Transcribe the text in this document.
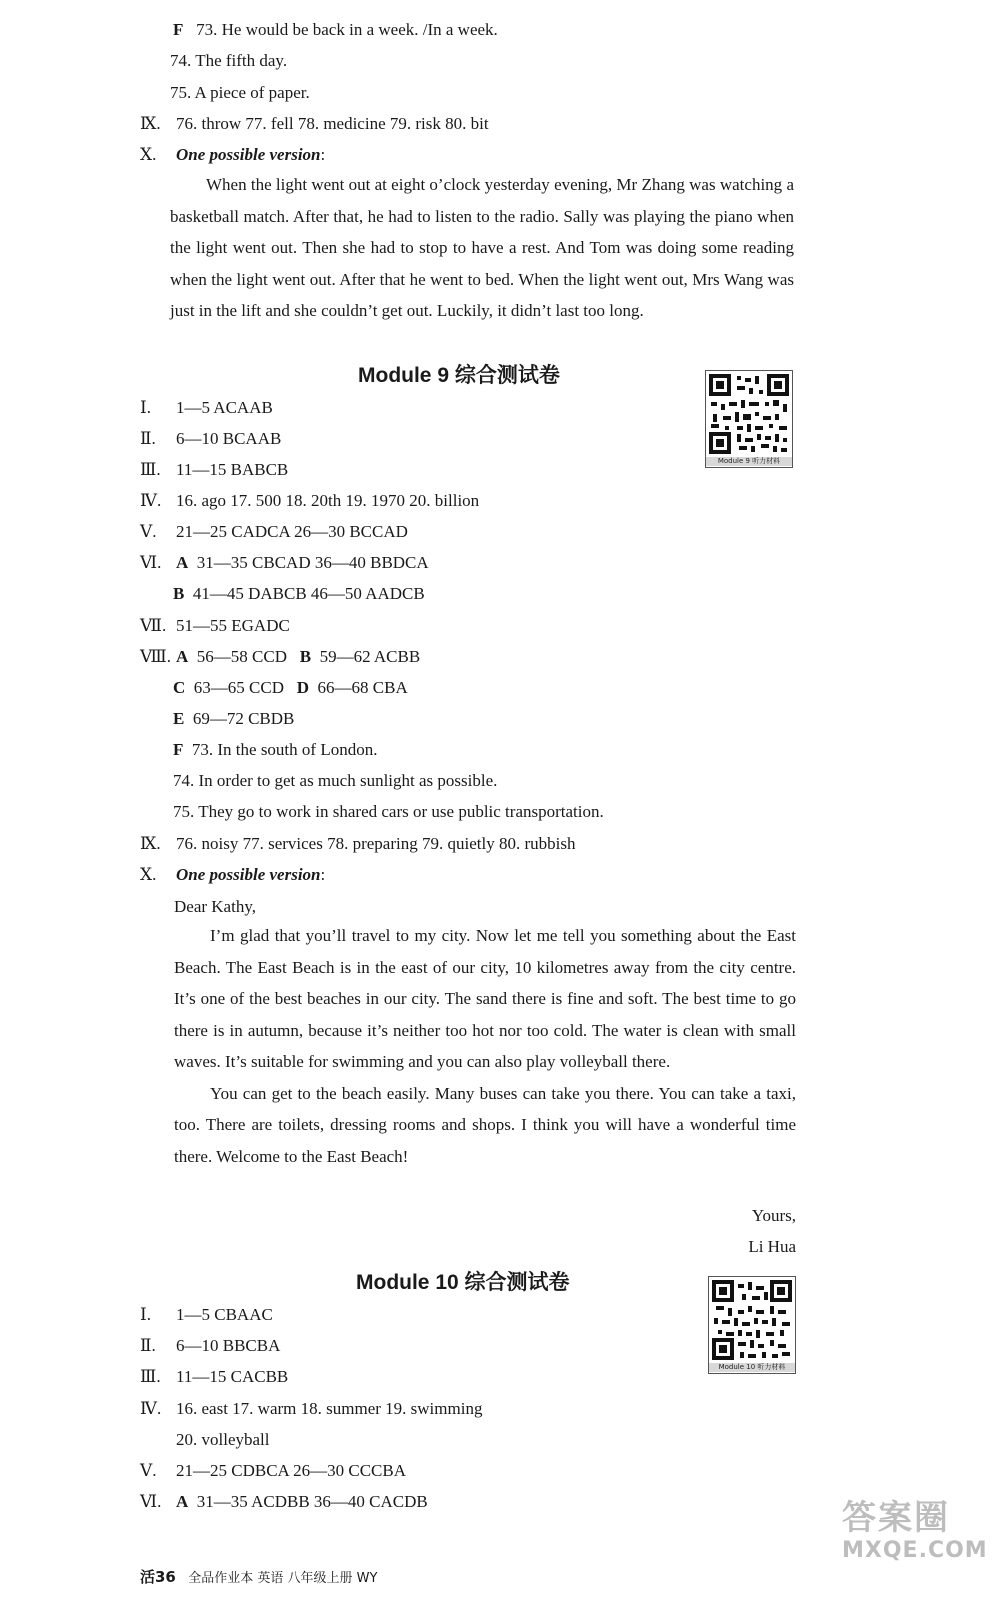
F 73. He would be back in a week. /In a week.
74. The fifth day.
75. A piece of paper.
Ⅸ. 76. throw 77. fell 78. medicine 79. risk 80. bit
Ⅹ. One possible version:

When the light went out at eight o’clock yesterday evening, Mr Zhang was watching a basketball match. After that, he had to listen to the radio. Sally was playing the piano when the light went out. Then she had to stop to have a rest. And Tom was doing some reading when the light went out. After that he went to bed. When the light went out, Mrs Wang was just in the lift and she couldn’t get out. Luckily, it didn’t last too long.

Module 9 综合测试卷
Module 9 听力材料
Ⅰ. 1—5 ACAAB
Ⅱ. 6—10 BCAAB
Ⅲ. 11—15 BABCB
Ⅳ. 16. ago 17. 500 18. 20th 19. 1970 20. billion
Ⅴ. 21—25 CADCA 26—30 BCCAD
Ⅵ. A 31—35 CBCAD 36—40 BBDCA
B 41—45 DABCB 46—50 AADCB
Ⅶ. 51—55 EGADC
Ⅷ. A 56—58 CCD B 59—62 ACBB
C 63—65 CCD D 66—68 CBA
E 69—72 CBDB
F 73. In the south of London.
74. In order to get as much sunlight as possible.
75. They go to work in shared cars or use public transportation.
Ⅸ. 76. noisy 77. services 78. preparing 79. quietly 80. rubbish
Ⅹ. One possible version:
Dear Kathy,

I’m glad that you’ll travel to my city. Now let me tell you something about the East Beach. The East Beach is in the east of our city, 10 kilometres away from the city centre. It’s one of the best beaches in our city. The sand there is fine and soft. The best time to go there is in autumn, because it’s neither too hot nor too cold. The water is clean with small waves. It’s suitable for swimming and you can also play volleyball there.

You can get to the beach easily. Many buses can take you there. You can take a taxi, too. There are toilets, dressing rooms and shops. I think you will have a wonderful time there. Welcome to the East Beach!

Yours,
Li Hua
Module 10 综合测试卷
Module 10 听力材料
Ⅰ. 1—5 CBAAC
Ⅱ. 6—10 BBCBA
Ⅲ. 11—15 CACBB
Ⅳ. 16. east 17. warm 18. summer 19. swimming
20. volleyball
Ⅴ. 21—25 CDBCA 26—30 CCCBA
Ⅵ. A 31—35 ACDBB 36—40 CACDB
活36 全品作业本 英语 八年级上册 WY
答案圈
MXQE.COM
